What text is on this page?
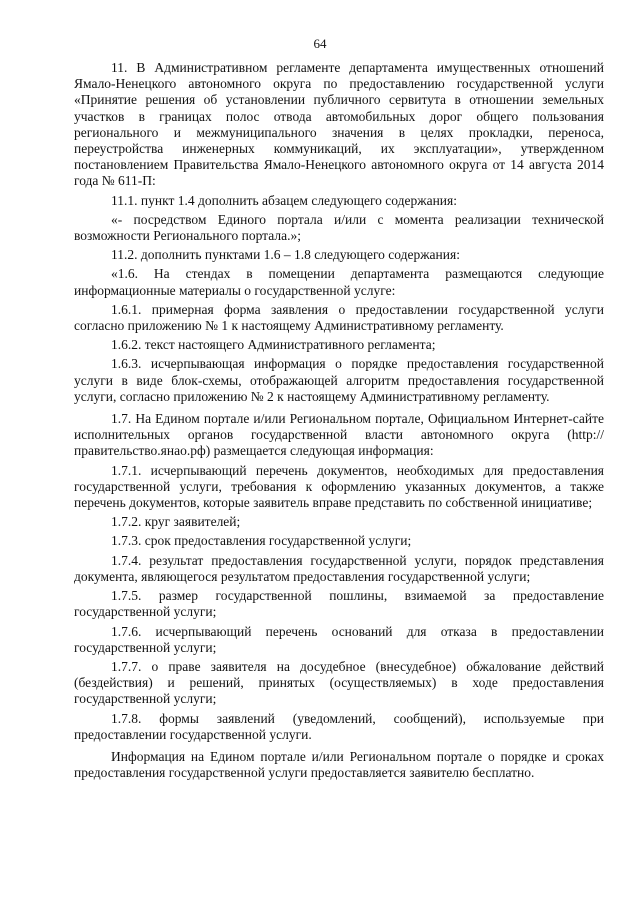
64

11. В Административном регламенте департамента имущественных отношений Ямало-Ненецкого автономного округа по предоставлению государственной услуги «Принятие решения об установлении публичного сервитута в отношении земельных участков в границах полос отвода автомобильных дорог общего пользования регионального и межмуниципального значения в целях прокладки, переноса, переустройства инженерных коммуникаций, их эксплуатации», утвержденном постановлением Правительства Ямало-Ненецкого автономного округа от 14 августа 2014 года № 611-П:

11.1. пункт 1.4 дополнить абзацем следующего содержания:

«- посредством Единого портала и/или с момента реализации технической возможности Регионального портала.»;

11.2. дополнить пунктами 1.6 – 1.8 следующего содержания:

«1.6. На стендах в помещении департамента размещаются следующие информационные материалы о государственной услуге:

1.6.1. примерная форма заявления о предоставлении государственной услуги согласно приложению № 1 к настоящему Административному регламенту.

1.6.2. текст настоящего Административного регламента;

1.6.3. исчерпывающая информация о порядке предоставления государственной услуги в виде блок-схемы, отображающей алгоритм предоставления государственной услуги, согласно приложению № 2 к настоящему Административному регламенту.

1.7. На Едином портале и/или Региональном портале, Официальном Интернет-сайте исполнительных органов государственной власти автономного округа (http://правительство.янао.рф) размещается следующая информация:

1.7.1. исчерпывающий перечень документов, необходимых для предоставления государственной услуги, требования к оформлению указанных документов, а также перечень документов, которые заявитель вправе представить по собственной инициативе;

1.7.2. круг заявителей;

1.7.3. срок предоставления государственной услуги;

1.7.4. результат предоставления государственной услуги, порядок представления документа, являющегося результатом предоставления государственной услуги;

1.7.5. размер государственной пошлины, взимаемой за предоставление государственной услуги;

1.7.6. исчерпывающий перечень оснований для отказа в предоставлении государственной услуги;

1.7.7. о праве заявителя на досудебное (внесудебное) обжалование действий (бездействия) и решений, принятых (осуществляемых) в ходе предоставления государственной услуги;

1.7.8. формы заявлений (уведомлений, сообщений), используемые при предоставлении государственной услуги.

Информация на Едином портале и/или Региональном портале о порядке и сроках предоставления государственной услуги предоставляется заявителю бесплатно.
